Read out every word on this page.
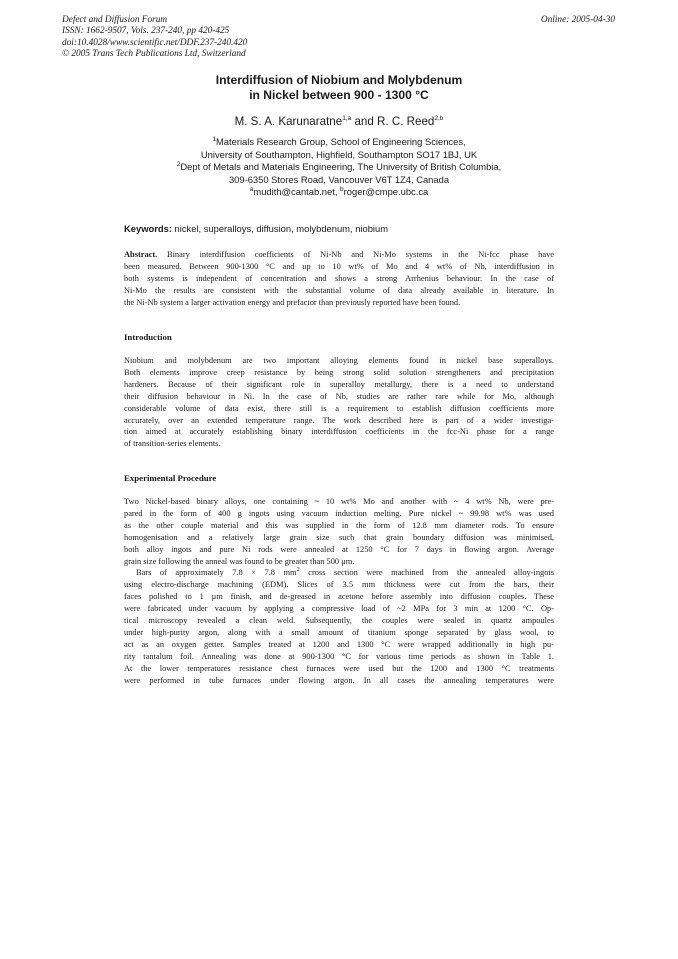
Defect and Diffusion Forum
ISSN: 1662-9507, Vols. 237-240, pp 420-425
doi:10.4028/www.scientific.net/DDF.237-240.420
© 2005 Trans Tech Publications Ltd, Switzerland
Online: 2005-04-30
Interdiffusion of Niobium and Molybdenum
in Nickel between 900 - 1300 °C
M. S. A. Karunaratne$^{1,a}$ and R. C. Reed$^{2,b}$
$^1$Materials Research Group, School of Engineering Sciences,
University of Southampton, Highfield, Southampton SO17 1BJ, UK
$^2$Dept of Metals and Materials Engineering, The University of British Columbia,
309-6350 Stores Road, Vancouver V6T 1Z4, Canada
$^a$mudith@cantab.net, $^b$roger@cmpe.ubc.ca
Keywords: nickel, superalloys, diffusion, molybdenum, niobium
Abstract. Binary interdiffusion coefficients of Ni-Nb and Ni-Mo systems in the Ni-fcc phase have
been measured. Between 900-1300 °C and up to 10 wt% of Mo and 4 wt% of Nb, interdiffusion in
both systems is independent of concentration and shows a strong Arrhenius behaviour. In the case of
Ni-Mo the results are consistent with the substantial volume of data already available in literature. In
the Ni-Nb system a larger activation energy and prefactor than previously reported have been found.
Introduction
Niobium and molybdenum are two important alloying elements found in nickel base superalloys.
Both elements improve creep resistance by being strong solid solution strengtheners and precipitation
hardeners. Because of their significant role in superalloy metallurgy, there is a need to understand
their diffusion behaviour in Ni. In the case of Nb, studies are rather rare while for Mo, although
considerable volume of data exist, there still is a requirement to establish diffusion coefficients more
accurately, over an extended temperature range. The work described here is part of a wider investiga-
tion aimed at accurately establishing binary interdiffusion coefficients in the fcc-Ni phase for a range
of transition-series elements.
Experimental Procedure
Two Nickel-based binary alloys, one containing ~ 10 wt% Mo and another with ~ 4 wt% Nb, were pre-
pared in the form of 400 g ingots using vacuum induction melting. Pure nickel ~ 99.98 wt% was used
as the other couple material and this was supplied in the form of 12.8 mm diameter rods. To ensure
homogenisation and a relatively large grain size such that grain boundary diffusion was minimised,
both alloy ingots and pure Ni rods were annealed at 1250 °C for 7 days in flowing argon. Average
grain size following the anneal was found to be greater than 500 μm.
Bars of approximately 7.8 × 7.8 $mm^2$ cross section were machined from the annealed alloy-ingots
using electro-discharge machining (EDM). Slices of 3.5 mm thickness were cut from the bars, their
faces polished to 1 μm finish, and de-greased in acetone before assembly into diffusion couples. These
were fabricated under vacuum by applying a compressive load of ~2 MPa for 3 min at 1200 °C. Op-
tical microscopy revealed a clean weld. Subsequently, the couples were sealed in quartz ampoules
under high-purity argon, along with a small amount of titanium sponge separated by glass wool, to
act as an oxygen getter. Samples treated at 1200 and 1300 °C were wrapped additionally in high pu-
rity tantalum foil. Annealing was done at 900-1300 °C for various time periods as shown in Table 1.
At the lower temperatures resistance chest furnaces were used but the 1200 and 1300 °C treatments
were performed in tube furnaces under flowing argon. In all cases the annealing temperatures were
